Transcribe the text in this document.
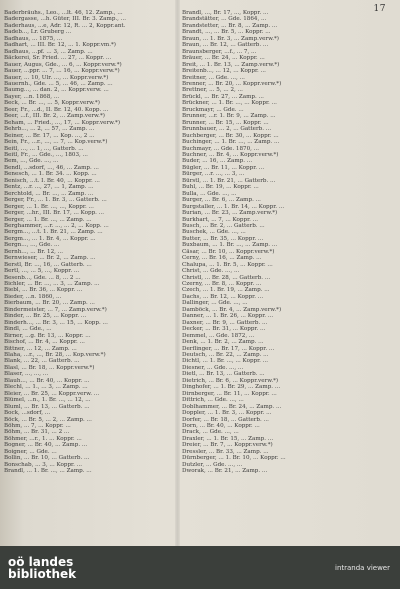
17
Baderbräuhs., Leo., ...lt. 46, 12. Zamp., ...
Badergasse, ...h. Güter, III. Br. 3. Zamp., ...
Baderhaus, ...e, Adr. 12, R. ... 2, Koppr.ant.
Badeb..., Lr. Gruberg ...
Badhaus, ... 1875, ...
Badhart, ... III. Br. 12, ... 1. Koppr.vm.*)
Badhaus, ...pf. ... 3, ... Zamp. ...
Bäckerei, Sr. Fried. ... 27, ... Koppr. ...
Bauer, Augus, Gde., ... 6, ... Koppr.verw.*)
Bauer, ...ppr. ... 7, ... 16, ... Koppr.verw.*)
Bauer, ... 10, Ulr. ..., ... Koppr.verw.*)
Bauernh., Gde. ... 5, ... 46, ... Zamp. ...
Baumg..., ... dan. 2, ... Koppr.verw. ...
Bayer, ...n. 1868, ...
Beck, ... Br. ..., ... 5, Koppr.verw.*)
Beer, Fr., ...d., II. Br. 12, 40. Kopp. ...
Beer, ...f., III. Br. 2, ... Zamp.verw.*)
Beham, ... Fried., ..., 17, ... Koppr.verw.*)
Behrb..., ... 2, ... 57, ... Zamp. ...
Beiner, ... Br. 17, ... Kop. ..., 2 ...
Bein, Fr., ...r., ..., ... 7, ... Kop.verw.*)
Beitl, ..., ... 1, ..., Gatterb. ...
Beitl, Fr., ... Gde., ..., 1803, ...
Bem, ..., Gde. ..., ...
Bendl, ...sdorf, ..., 46, ... Zamp. ...
Benesch, ... 1. Br. 34. ... Kopp. ...
Benisch, ...t. I. Br. 40, ... Koppr. ...
Bentz, ...r. ..., 27, ... 1, Zamp. ...
Berchtold, ... Br. ..., ... Zamp. ...
Berger, Fr., ... 1. Br. 3, ... Gatterb. ...
Berger, ... 1. Br. ..., ..., Koppr. ...
Berger, ...hr., III. Br. 17, ... Kopp. ...
Berger, ... 1. Br. ..., ... Zamp. ...
Berghammer, ...r. ..., ... 2, ... Kopp. ...
Bergm..., ...t. 1. Br. 21, ... Zamp. ...
Bergm..., ... 1. Br. 4, ... Koppr. ...
Bergn..., ..., Gde. ...
Bernh..., ... Br. 12, ...
Bernwieser, ... Br. 2, ... Zamp. ...
Berstl, Br. ..., 16, ... Gatterb. ...
Bertl, ..., ... 5, ..., Koppr. ...
Besenb..., Gde. ... 8, ... 2 ...
Bichler, ... Br. ..., ... 3, ... Zamp. ...
Biebl, ... Br. 36, ... Koppr. ...
Bieder, ...n. 1860, ...
Bierbaum, ... Br. 20, ... Zamp. ...
Bindermeister, ... 7, ... Zamp.verw.*)
Binder, ... Br. 25, ... Koppr. ...
Binderh..., ... Br. 3, ... 15, ... Kopp. ...
Bindl, ... Gde., ...
Birner, ...g. Br. 13, ... Koppr. ...
Bischof, ... Br. 4, ... Koppr. ...
Bittner, ... 12, ... Zamp. ...
Blaha, ...r., ..., Br. 28, ... Kop.verw.*)
Blank, ... 22, ... Gatterb. ...
Blasl, ... Br. 18, ... Koppr.verw.*)
Blaser, ..., ..., ...
Blauh..., ... Br. 40, ... Koppr. ...
Blechl, ... 1., ... 3, ... Zamp. ...
Bleier, ... Br. 25, ... Koppr.verw. ...
Blümel, ...n., 1. Br. ..., ... 12, ...
Bluml, ... Br. 13, ... Gatterb. ...
Bock, ...sdorf, ...
Böck, ... Br. 5, ... 2, ... Zamp. ...
Böhm, ... 7, ... Koppr. ...
Böhm, ... Br. 31, ... 2 ...
Böhmer, ...r., 1. ... Koppr. ...
Bogner, ... Br. 40, ... Zamp. ...
Boigner, ... Gde. ...
Bollin, ... Br. 10, ... Gatterb. ...
Bonschab, ... 3, ... Koppr. ...
Brandl, ... 1. Br. ..., ... Zamp. ...
Brandl, ..., Br. 17, ..., Koppr. ...
Brandstätter, ... Gde. 1864, ...
Brandstetter, ... Br. 8, ... Zamp. ...
Brandt, ..., ... Br. 5, ... Koppr. ...
Braun, ... 1. Br. 3, ... Zamp.verw.*)
Braun, ... Br. 12, ... Gatterb. ...
Braunsberger, ...f., ... 7, ...
Bräuer, ... Br. 24, ... Koppr. ...
Breit, ... 1. Br. 13, ... Zamp.verw.*)
Breitenb..., ... 12, ... Koppr. ...
Breitner, ... Gde. ..., ...
Brenner, ... Br. 20, ... Koppr.verw.*)
Brettner, ... 5, ... 2, ...
Brückl, ... Br. 27, ... Zamp. ...
Brückner, ... 1. Br. ..., ... Koppr. ...
Bruckmayr, ... Gde. ...
Brunner, ...r. 1. Br. 9, ... Zamp. ...
Brunner, ... Br. 15, ... Koppr. ...
Brunnbauer, ... 2, ... Gatterb. ...
Buchberger, ... Br. 30, ... Koppr. ...
Buchinger, ... 1. Br. ..., ... Zamp. ...
Buchmayr, ... Gde. 1870, ...
Buchner, ... Br. 4, ... Koppr.verw.*)
Buder, ... 16, ... Zamp. ...
Bügler, ... Br. 11, ... Koppr. ...
Bürger, ...r. ..., ... 3, ...
Bürstl, ... 1. Br. 21, ... Gatterb. ...
Buhl, ... Br. 19, ... Koppr. ...
Bulla, ... Gde. ..., ...
Burger, ... Br. 6, ... Zamp. ...
Burgstaller, ... 1. Br. 14, ... Koppr. ...
Burian, ... Br. 23, ... Zamp.verw.*)
Burkhart, ... 7, ... Koppr. ...
Busch, ... Br. 2, ... Gatterb. ...
Buschek, ... Gde. ..., ...
Butter, ... Br. 35, ... Koppr. ...
Buxbaum, ... 1. Br. ..., ... Zamp. ...
Cäsar, ... Br. 10, ... Koppr.verw.*)
Cerny, ... Br. 16, ... Zamp. ...
Chalupa, ... 1. Br. 5, ... Koppr. ...
Christ, ... Gde. ..., ...
Christl, ... Br. 28, ... Gatterb. ...
Czerny, ... Br. 8, ... Koppr. ...
Czech, ... 1. Br. 19, ... Zamp. ...
Dachs, ... Br. 12, ... Koppr. ...
Dallinger, ... Gde. ..., ...
Damböck, ... Br. 4, ... Zamp.verw.*)
Danner, ... 1. Br. 26, ... Koppr. ...
Daxner, ... Br. 9, ... Gatterb. ...
Decker, ... Br. 31, ... Koppr. ...
Demmel, ... Gde. 1872, ...
Denk, ... 1. Br. 2, ... Zamp. ...
Derflinger, ... Br. 17, ... Koppr. ...
Deutsch, ... Br. 22, ... Zamp. ...
Dichtl, ... 1. Br. ..., ... Koppr. ...
Diesner, ... Gde. ..., ...
Dietl, ... Br. 13, ... Gatterb. ...
Dietrich, ... Br. 6, ... Koppr.verw.*)
Dinghofer, ... 1. Br. 29, ... Zamp. ...
Dirnberger, ... Br. 11, ... Koppr. ...
Dittrich, ... Gde. ..., ...
Doblhammer, ... Br. 24, ... Zamp. ...
Doppler, ... 1. Br. 3, ... Koppr. ...
Dorfer, ... Br. 18, ... Gatterb. ...
Dorn, ... Br. 40, ... Koppr. ...
Drack, ... Gde. ..., ...
Draxler, ... 1. Br. 15, ... Zamp. ...
Dreier, ... Br. 7, ... Koppr.verw.*)
Dressler, ... Br. 33, ... Zamp. ...
Dürnberger, ... 1. Br. 10, ... Koppr. ...
Dutzler, ... Gde. ..., ...
Dworak, ... Br. 21, ... Zamp. ...
oö landes
bibliothek	intranda viewer
